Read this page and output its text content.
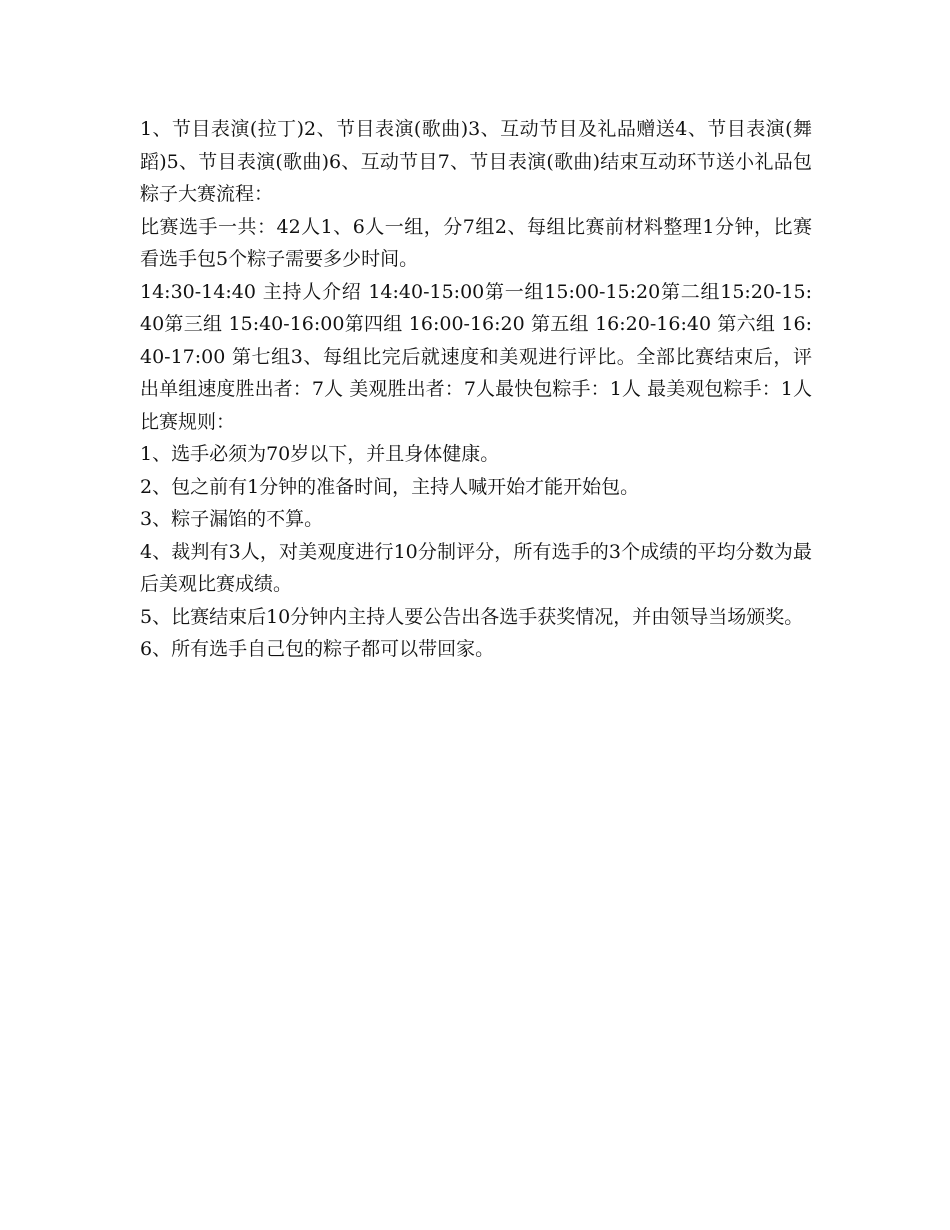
1、节目表演(拉丁)2、节目表演(歌曲)3、互动节目及礼品赠送4、节目表演(舞蹈)5、节目表演(歌曲)6、互动节目7、节目表演(歌曲)结束互动环节送小礼品包粽子大赛流程：

比赛选手一共：42人1、6人一组，分7组2、每组比赛前材料整理1分钟，比赛看选手包5个粽子需要多少时间。

14:30-14:40 主持人介绍 14:40-15:00第一组15:00-15:20第二组15:20-15:40第三组 15:40-16:00第四组 16:00-16:20 第五组 16:20-16:40 第六组 16:40-17:00 第七组3、每组比完后就速度和美观进行评比。全部比赛结束后，评出单组速度胜出者：7人 美观胜出者：7人最快包粽手：1人 最美观包粽手：1人比赛规则：

1、选手必须为70岁以下，并且身体健康。

2、包之前有1分钟的准备时间，主持人喊开始才能开始包。

3、粽子漏馅的不算。

4、裁判有3人，对美观度进行10分制评分，所有选手的3个成绩的平均分数为最后美观比赛成绩。

5、比赛结束后10分钟内主持人要公告出各选手获奖情况，并由领导当场颁奖。

6、所有选手自己包的粽子都可以带回家。
